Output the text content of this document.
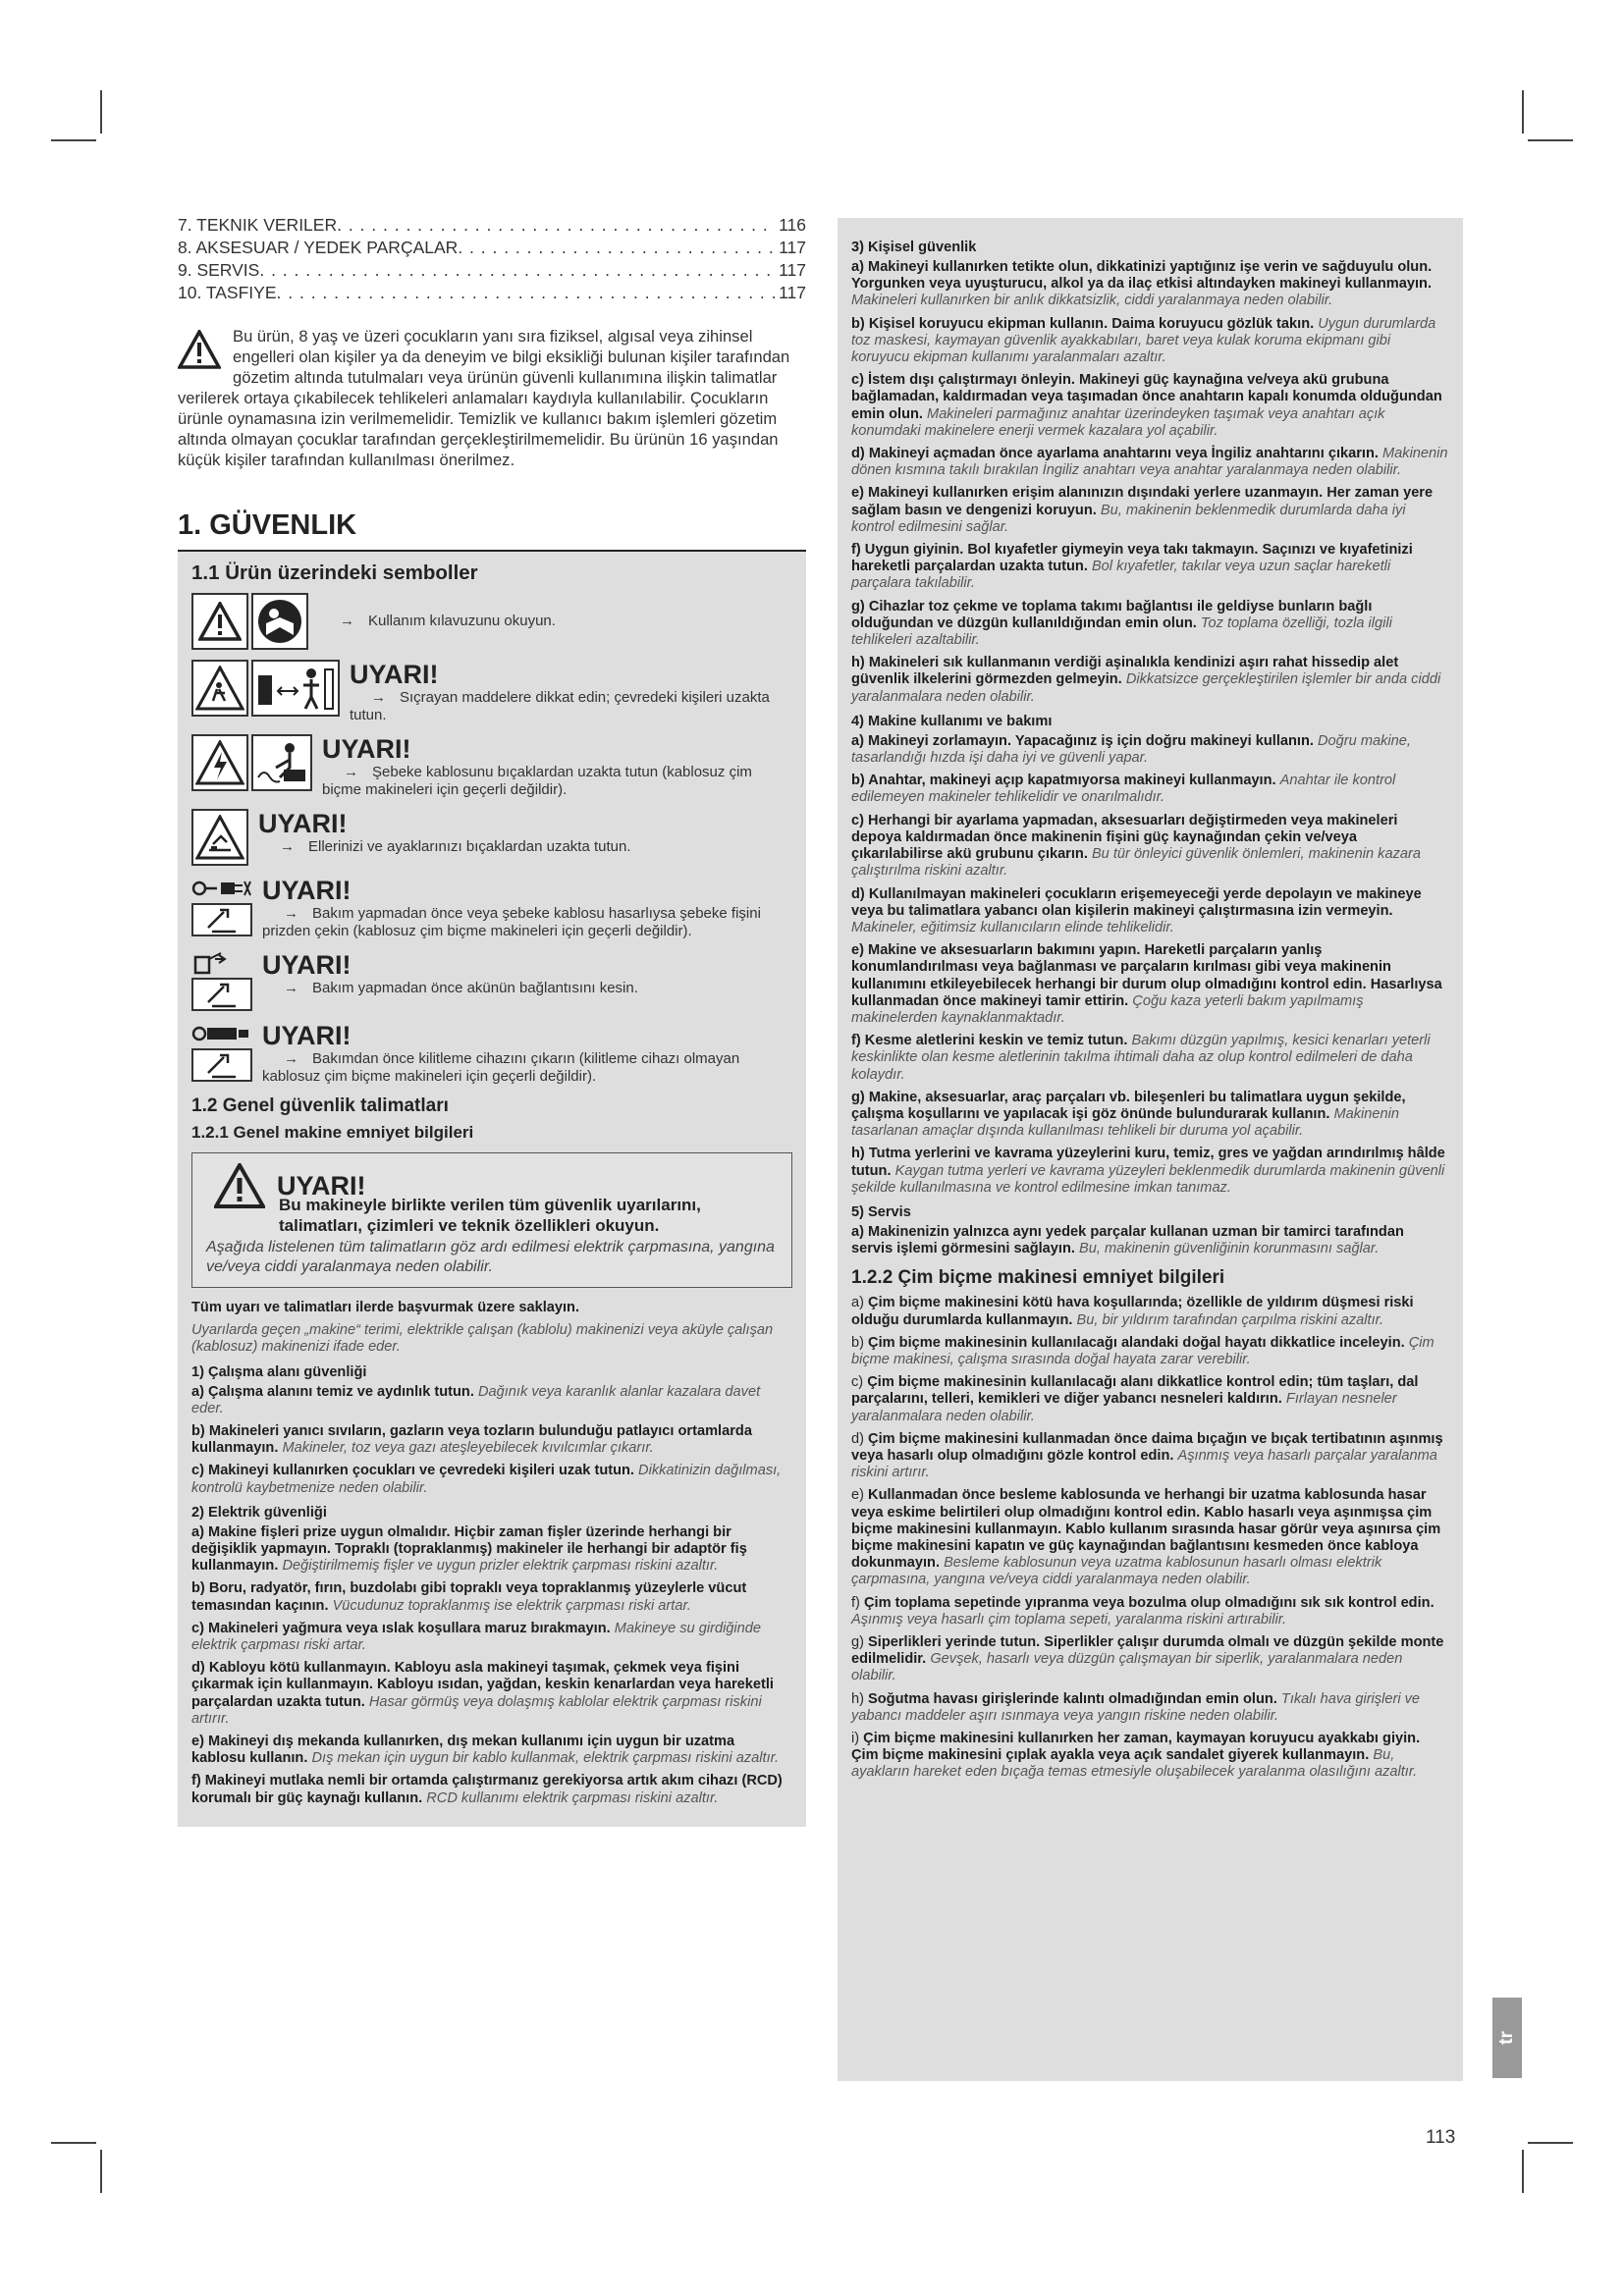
7. TEKNIK VERILER . . .	116
8. AKSESUAR / YEDEK PARÇALAR . . .	117
9. SERVIS . . .	117
10. TASFIYE . . .	117
Bu ürün, 8 yaş ve üzeri çocukların yanı sıra fiziksel, algısal veya zihinsel engelleri olan kişiler ya da deneyim ve bilgi eksikliği bulunan kişiler tarafından gözetim altında tutulmaları veya ürünün güvenli kullanımına ilişkin talimatlar verilerek ortaya çıkabilecek tehlikeleri anlamaları kaydıyla kullanılabilir. Çocukların ürünle oynamasına izin verilmemelidir. Temizlik ve kullanıcı bakım işlemleri gözetim altında olmayan çocuklar tarafından gerçekleştirilmemelidir. Bu ürünün 16 yaşından küçük kişiler tarafından kullanılması önerilmez.
1. GÜVENLIK
1.1 Ürün üzerindeki semboller
→ Kullanım kılavuzunu okuyun.
UYARI!
→ Sıçrayan maddelere dikkat edin; çevredeki kişileri uzakta tutun.
UYARI!
→ Şebeke kablosunu bıçaklardan uzakta tutun (kablosuz çim biçme makineleri için geçerli değildir).
UYARI!
→ Ellerinizi ve ayaklarınızı bıçaklardan uzakta tutun.
UYARI!
→ Bakım yapmadan önce veya şebeke kablosu hasarlıysa şebeke fişini prizden çekin (kablosuz çim biçme makineleri için geçerli değildir).
UYARI!
→ Bakım yapmadan önce akünün bağlantısını kesin.
UYARI!
→ Bakımdan önce kilitleme cihazını çıkarın (kilitleme cihazı olmayan kablosuz çim biçme makineleri için geçerli değildir).
1.2 Genel güvenlik talimatları
1.2.1 Genel makine emniyet bilgileri
UYARI!
Bu makineyle birlikte verilen tüm güvenlik uyarılarını, talimatları, çizimleri ve teknik özellikleri okuyun.
Aşağıda listelenen tüm talimatların göz ardı edilmesi elektrik çarpmasına, yangına ve/veya ciddi yaralanmaya neden olabilir.

Tüm uyarı ve talimatları ilerde başvurmak üzere saklayın.

Uyarılarda geçen „makine“ terimi, elektrikle çalışan (kablolu) makinenizi veya aküyle çalışan (kablosuz) makinenizi ifade eder.

1) Çalışma alanı güvenliği

a) Çalışma alanını temiz ve aydınlık tutun. Dağınık veya karanlık alanlar kazalara davet eder.

b) Makineleri yanıcı sıvıların, gazların veya tozların bulunduğu patlayıcı ortamlarda kullanmayın. Makineler, toz veya gazı ateşleyebilecek kıvılcımlar çıkarır.

c) Makineyi kullanırken çocukları ve çevredeki kişileri uzak tutun. Dikkatinizin dağılması, kontrolü kaybetmenize neden olabilir.

2) Elektrik güvenliği

a) Makine fişleri prize uygun olmalıdır. Hiçbir zaman fişler üzerinde herhangi bir değişiklik yapmayın. Topraklı (topraklanmış) makineler ile herhangi bir adaptör fiş kullanmayın. Değiştirilmemiş fişler ve uygun prizler elektrik çarpması riskini azaltır.

b) Boru, radyatör, fırın, buzdolabı gibi topraklı veya topraklanmış yüzeylerle vücut temasından kaçının. Vücudunuz topraklanmış ise elektrik çarpması riski artar.

c) Makineleri yağmura veya ıslak koşullara maruz bırakmayın. Makineye su girdiğinde elektrik çarpması riski artar.

d) Kabloyu kötü kullanmayın. Kabloyu asla makineyi taşımak, çekmek veya fişini çıkarmak için kullanmayın. Kabloyu ısıdan, yağdan, keskin kenarlardan veya hareketli parçalardan uzakta tutun. Hasar görmüş veya dolaşmış kablolar elektrik çarpması riskini artırır.

e) Makineyi dış mekanda kullanırken, dış mekan kullanımı için uygun bir uzatma kablosu kullanın. Dış mekan için uygun bir kablo kullanmak, elektrik çarpması riskini azaltır.

f) Makineyi mutlaka nemli bir ortamda çalıştırmanız gerekiyorsa artık akım cihazı (RCD) korumalı bir güç kaynağı kullanın. RCD kullanımı elektrik çarpması riskini azaltır.

3) Kişisel güvenlik

a) Makineyi kullanırken tetikte olun, dikkatinizi yaptığınız işe verin ve sağduyulu olun. Yorgunken veya uyuşturucu, alkol ya da ilaç etkisi altındayken makineyi kullanmayın. Makineleri kullanırken bir anlık dikkatsizlik, ciddi yaralanmaya neden olabilir.

b) Kişisel koruyucu ekipman kullanın. Daima koruyucu gözlük takın. Uygun durumlarda toz maskesi, kaymayan güvenlik ayakkabıları, baret veya kulak koruma ekipmanı gibi koruyucu ekipman kullanımı yaralanmaları azaltır.

c) İstem dışı çalıştırmayı önleyin. Makineyi güç kaynağına ve/veya akü grubuna bağlamadan, kaldırmadan veya taşımadan önce anahtarın kapalı konumda olduğundan emin olun. Makineleri parmağınız anahtar üzerindeyken taşımak veya anahtarı açık konumdaki makinelere enerji vermek kazalara yol açabilir.

d) Makineyi açmadan önce ayarlama anahtarını veya İngiliz anahtarını çıkarın. Makinenin dönen kısmına takılı bırakılan İngiliz anahtarı veya anahtar yaralanmaya neden olabilir.

e) Makineyi kullanırken erişim alanınızın dışındaki yerlere uzanmayın. Her zaman yere sağlam basın ve dengenizi koruyun. Bu, makinenin beklenmedik durumlarda daha iyi kontrol edilmesini sağlar.

f) Uygun giyinin. Bol kıyafetler giymeyin veya takı takmayın. Saçınızı ve kıyafetinizi hareketli parçalardan uzakta tutun. Bol kıyafetler, takılar veya uzun saçlar hareketli parçalara takılabilir.

g) Cihazlar toz çekme ve toplama takımı bağlantısı ile geldiyse bunların bağlı olduğundan ve düzgün kullanıldığından emin olun. Toz toplama özelliği, tozla ilgili tehlikeleri azaltabilir.

h) Makineleri sık kullanmanın verdiği aşinalıkla kendinizi aşırı rahat hissedip alet güvenlik ilkelerini görmezden gelmeyin. Dikkatsizce gerçekleştirilen işlemler bir anda ciddi yaralanmalara neden olabilir.

4) Makine kullanımı ve bakımı

a) Makineyi zorlamayın. Yapacağınız iş için doğru makineyi kullanın. Doğru makine, tasarlandığı hızda işi daha iyi ve güvenli yapar.

b) Anahtar, makineyi açıp kapatmıyorsa makineyi kullanmayın. Anahtar ile kontrol edilemeyen makineler tehlikelidir ve onarılmalıdır.

c) Herhangi bir ayarlama yapmadan, aksesuarları değiştirmeden veya makineleri depoya kaldırmadan önce makinenin fişini güç kaynağından çekin ve/veya çıkarılabilirse akü grubunu çıkarın. Bu tür önleyici güvenlik önlemleri, makinenin kazara çalıştırılma riskini azaltır.

d) Kullanılmayan makineleri çocukların erişemeyeceği yerde depolayın ve makineye veya bu talimatlara yabancı olan kişilerin makineyi çalıştırmasına izin vermeyin. Makineler, eğitimsiz kullanıcıların elinde tehlikelidir.

e) Makine ve aksesuarların bakımını yapın. Hareketli parçaların yanlış konumlandırılması veya bağlanması ve parçaların kırılması gibi veya makinenin kullanımını etkileyebilecek herhangi bir durum olup olmadığını kontrol edin. Hasarlıysa kullanmadan önce makineyi tamir ettirin. Çoğu kaza yeterli bakım yapılmamış makinelerden kaynaklanmaktadır.

f) Kesme aletlerini keskin ve temiz tutun. Bakımı düzgün yapılmış, kesici kenarları yeterli keskinlikte olan kesme aletlerinin takılma ihtimali daha az olup kontrol edilmeleri de daha kolaydır.

g) Makine, aksesuarlar, araç parçaları vb. bileşenleri bu talimatlara uygun şekilde, çalışma koşullarını ve yapılacak işi göz önünde bulundurarak kullanın. Makinenin tasarlanan amaçlar dışında kullanılması tehlikeli bir duruma yol açabilir.

h) Tutma yerlerini ve kavrama yüzeylerini kuru, temiz, gres ve yağdan arındırılmış hâlde tutun. Kaygan tutma yerleri ve kavrama yüzeyleri beklenmedik durumlarda makinenin güvenli şekilde kullanılmasına ve kontrol edilmesine imkan tanımaz.

5) Servis

a) Makinenizin yalnızca aynı yedek parçalar kullanan uzman bir tamirci tarafından servis işlemi görmesini sağlayın. Bu, makinenin güvenliğinin korunmasını sağlar.

1.2.2 Çim biçme makinesi emniyet bilgileri

a) Çim biçme makinesini kötü hava koşullarında; özellikle de yıldırım düşmesi riski olduğu durumlarda kullanmayın. Bu, bir yıldırım tarafından çarpılma riskini azaltır.

b) Çim biçme makinesinin kullanılacağı alandaki doğal hayatı dikkatlice inceleyin. Çim biçme makinesi, çalışma sırasında doğal hayata zarar verebilir.

c) Çim biçme makinesinin kullanılacağı alanı dikkatlice kontrol edin; tüm taşları, dal parçalarını, telleri, kemikleri ve diğer yabancı nesneleri kaldırın. Fırlayan nesneler yaralanmalara neden olabilir.

d) Çim biçme makinesini kullanmadan önce daima bıçağın ve bıçak tertibatının aşınmış veya hasarlı olup olmadığını gözle kontrol edin. Aşınmış veya hasarlı parçalar yaralanma riskini artırır.

e) Kullanmadan önce besleme kablosunda ve herhangi bir uzatma kablosunda hasar veya eskime belirtileri olup olmadığını kontrol edin. Kablo hasarlı veya aşınmışsa çim biçme makinesini kullanmayın. Kablo kullanım sırasında hasar görür veya aşınırsa çim biçme makinesini kapatın ve güç kaynağından bağlantısını kesmeden önce kabloya dokunmayın. Besleme kablosunun veya uzatma kablosunun hasarlı olması elektrik çarpmasına, yangına ve/veya ciddi yaralanmaya neden olabilir.

f) Çim toplama sepetinde yıpranma veya bozulma olup olmadığını sık sık kontrol edin. Aşınmış veya hasarlı çim toplama sepeti, yaralanma riskini artırabilir.

g) Siperlikleri yerinde tutun. Siperlikler çalışır durumda olmalı ve düzgün şekilde monte edilmelidir. Gevşek, hasarlı veya düzgün çalışmayan bir siperlik, yaralanmalara neden olabilir.

h) Soğutma havası girişlerinde kalıntı olmadığından emin olun. Tıkalı hava girişleri ve yabancı maddeler aşırı ısınmaya veya yangın riskine neden olabilir.

i) Çim biçme makinesini kullanırken her zaman, kaymayan koruyucu ayakkabı giyin. Çim biçme makinesini çıplak ayakla veya açık sandalet giyerek kullanmayın. Bu, ayakların hareket eden bıçağa temas etmesiyle oluşabilecek yaralanma olasılığını azaltır.

tr
113
